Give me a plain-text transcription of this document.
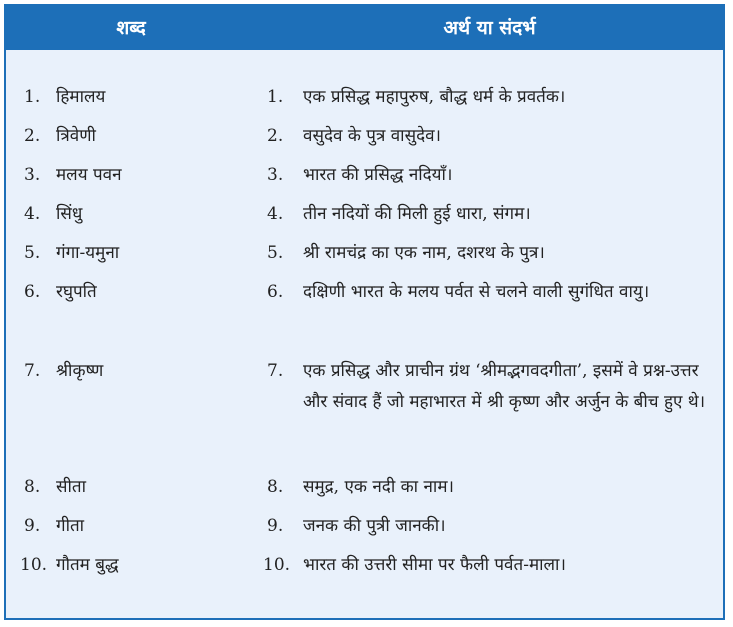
शब्द	अर्थ या संदर्भ
1. हिमालय	1. एक प्रसिद्ध महापुरुष, बौद्ध धर्म के प्रवर्तक।
2. त्रिवेणी	2. वसुदेव के पुत्र वासुदेव।
3. मलय पवन	3. भारत की प्रसिद्ध नदियाँ।
4. सिंधु	4. तीन नदियों की मिली हुई धारा, संगम।
5. गंगा-यमुना	5. श्री रामचंद्र का एक नाम, दशरथ के पुत्र।
6. रघुपति	6. दक्षिणी भारत के मलय पर्वत से चलने वाली सुगंधित वायु।
7. श्रीकृष्ण	7. एक प्रसिद्ध और प्राचीन ग्रंथ ‘श्रीमद्भगवदगीता’, इसमें वे प्रश्न-उत्तर और संवाद हैं जो महाभारत में श्री कृष्ण और अर्जुन के बीच हुए थे।
8. सीता	8. समुद्र, एक नदी का नाम।
9. गीता	9. जनक की पुत्री जानकी।
10. गौतम बुद्ध	10. भारत की उत्तरी सीमा पर फैली पर्वत-माला।
